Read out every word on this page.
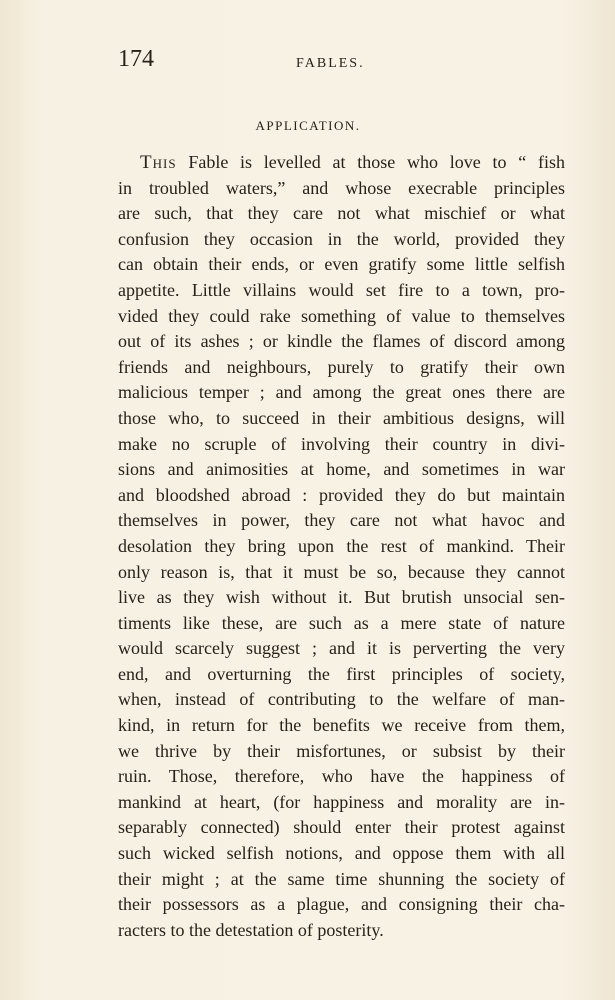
174	FABLES.
APPLICATION.
This Fable is levelled at those who love to “ fish
in troubled waters,” and whose execrable principles
are such, that they care not what mischief or what
confusion they occasion in the world, provided they
can obtain their ends, or even gratify some little selfish
appetite. Little villains would set fire to a town, pro-
vided they could rake something of value to themselves
out of its ashes ; or kindle the flames of discord among
friends and neighbours, purely to gratify their own
malicious temper ; and among the great ones there are
those who, to succeed in their ambitious designs, will
make no scruple of involving their country in divi-
sions and animosities at home, and sometimes in war
and bloodshed abroad : provided they do but maintain
themselves in power, they care not what havoc and
desolation they bring upon the rest of mankind. Their
only reason is, that it must be so, because they cannot
live as they wish without it. But brutish unsocial sen-
timents like these, are such as a mere state of nature
would scarcely suggest ; and it is perverting the very
end, and overturning the first principles of society,
when, instead of contributing to the welfare of man-
kind, in return for the benefits we receive from them,
we thrive by their misfortunes, or subsist by their
ruin. Those, therefore, who have the happiness of
mankind at heart, (for happiness and morality are in-
separably connected) should enter their protest against
such wicked selfish notions, and oppose them with all
their might ; at the same time shunning the society of
their possessors as a plague, and consigning their cha-
racters to the detestation of posterity.
